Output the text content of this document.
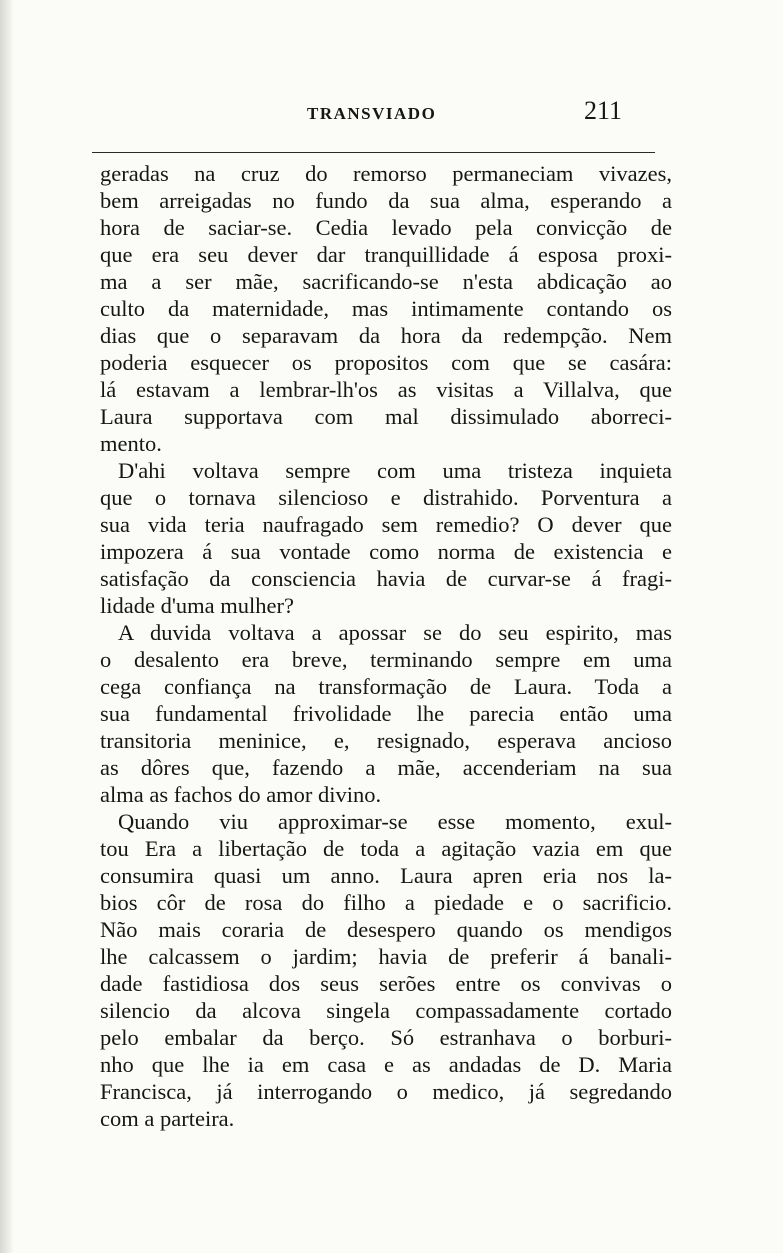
TRANSVIADO	211
geradas na cruz do remorso permaneciam vivazes,
bem arreigadas no fundo da sua alma, esperando a
hora de saciar-se. Cedia levado pela convicção de
que era seu dever dar tranquillidade á esposa proxi-
ma a ser mãe, sacrificando-se n'esta abdicação ao
culto da maternidade, mas intimamente contando os
dias que o separavam da hora da redempção. Nem
poderia esquecer os propositos com que se casára:
lá estavam a lembrar-lh'os as visitas a Villalva, que
Laura supportava com mal dissimulado aborreci-
mento.
D'ahi voltava sempre com uma tristeza inquieta
que o tornava silencioso e distrahido. Porventura a
sua vida teria naufragado sem remedio? O dever que
impozera á sua vontade como norma de existencia e
satisfação da consciencia havia de curvar-se á fragi-
lidade d'uma mulher?
A duvida voltava a apossar se do seu espirito, mas
o desalento era breve, terminando sempre em uma
cega confiança na transformação de Laura. Toda a
sua fundamental frivolidade lhe parecia então uma
transitoria meninice, e, resignado, esperava ancioso
as dôres que, fazendo a mãe, accenderiam na sua
alma as fachos do amor divino.
Quando viu approximar-se esse momento, exul-
tou Era a libertação de toda a agitação vazia em que
consumira quasi um anno. Laura apren eria nos la-
bios côr de rosa do filho a piedade e o sacrificio.
Não mais coraria de desespero quando os mendigos
lhe calcassem o jardim; havia de preferir á banali-
dade fastidiosa dos seus serões entre os convivas o
silencio da alcova singela compassadamente cortado
pelo embalar da berço. Só estranhava o borburi-
nho que lhe ia em casa e as andadas de D. Maria
Francisca, já interrogando o medico, já segredando
com a parteira.
